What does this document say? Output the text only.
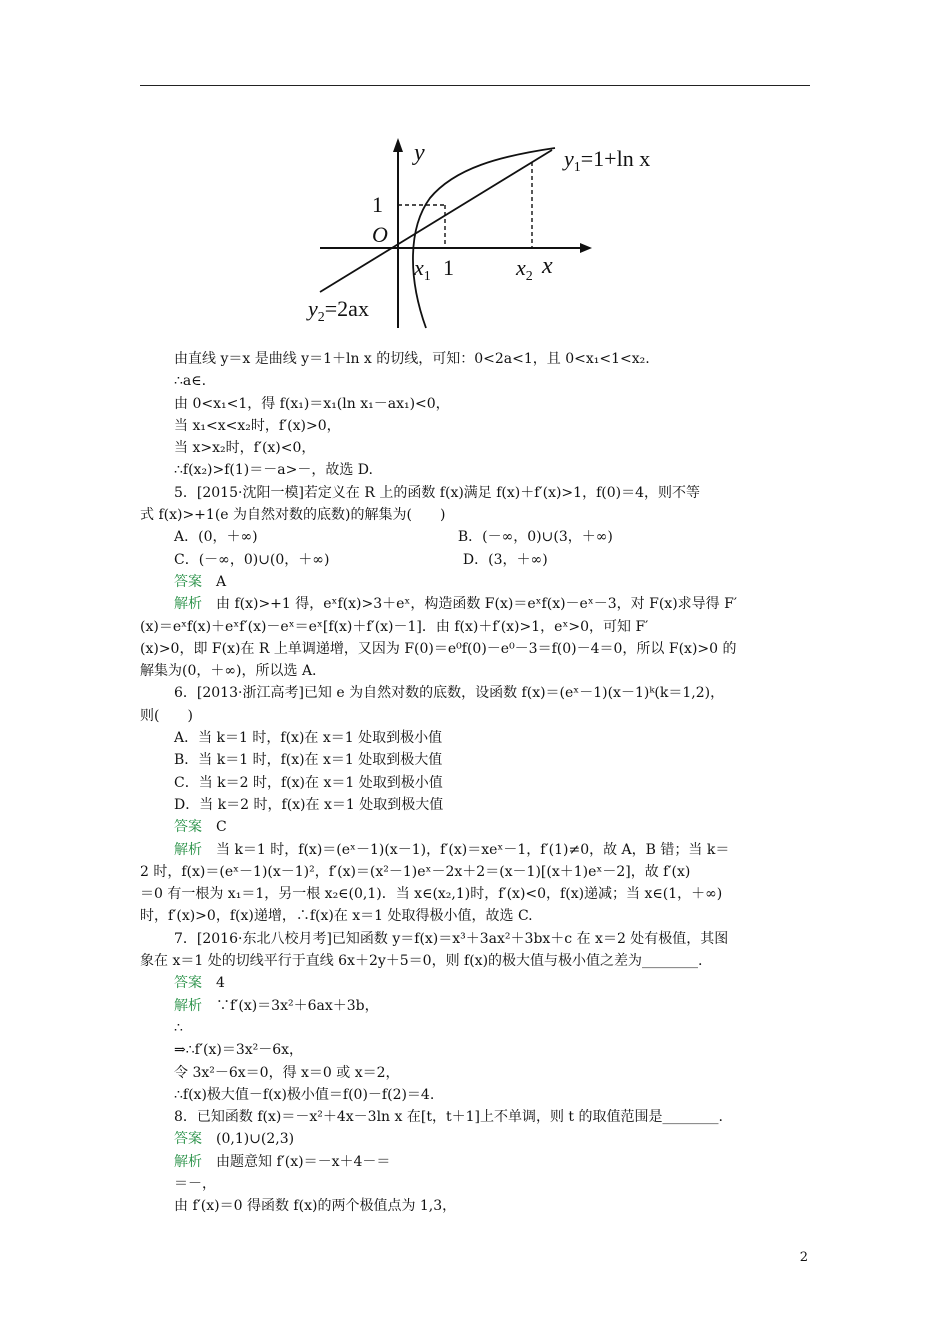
y
1
O
$x_1$ 1	$x_2$ x
$y_1=1+\ln$ x
$y_2=2ax$
由直线 y＝x 是曲线 y＝1＋ln x 的切线，可知：0<2a<1，且 0<x₁<1<x₂.
∴a∈.
由 0<x₁<1，得 f(x₁)＝x₁(ln x₁－ax₁)<0，
当 x₁<x<x₂时，f′(x)>0，
当 x>x₂时，f′(x)<0，
∴f(x₂)>f(1)＝－a>－，故选 D.
5．[2015·沈阳一模]若定义在 R 上的函数 f(x)满足 f(x)＋f′(x)>1，f(0)＝4，则不等
式 f(x)>+1(e 为自然对数的底数)的解集为(　　)
A．(0，＋∞)                                             B．(－∞，0)∪(3，＋∞)
C．(－∞，0)∪(0，＋∞)                              D．(3，＋∞)
答案　A
解析　由 f(x)>+1 得，eˣf(x)>3＋eˣ，构造函数 F(x)＝eˣf(x)－eˣ－3，对 F(x)求导得 F′
(x)＝eˣf(x)＋eˣf′(x)－eˣ＝eˣ[f(x)＋f′(x)－1]．由 f(x)＋f′(x)>1，eˣ>0，可知 F′
(x)>0，即 F(x)在 R 上单调递增，又因为 F(0)＝e⁰f(0)－e⁰－3＝f(0)－4＝0，所以 F(x)>0 的
解集为(0，＋∞)，所以选 A.
6．[2013·浙江高考]已知 e 为自然对数的底数，设函数 f(x)＝(eˣ－1)(x－1)ᵏ(k＝1,2)，
则(　　)
A．当 k＝1 时，f(x)在 x＝1 处取到极小值
B．当 k＝1 时，f(x)在 x＝1 处取到极大值
C．当 k＝2 时，f(x)在 x＝1 处取到极小值
D．当 k＝2 时，f(x)在 x＝1 处取到极大值
答案　C
解析　当 k＝1 时，f(x)＝(eˣ－1)(x－1)，f′(x)＝xeˣ－1，f′(1)≠0，故 A，B 错；当 k＝
2 时，f(x)＝(eˣ－1)(x－1)²，f′(x)＝(x²－1)eˣ－2x＋2＝(x－1)[(x＋1)eˣ－2]，故 f′(x)
＝0 有一根为 x₁＝1，另一根 x₂∈(0,1)．当 x∈(x₂,1)时，f′(x)<0，f(x)递减；当 x∈(1，＋∞)
时，f′(x)>0，f(x)递增，∴f(x)在 x＝1 处取得极小值，故选 C.
7．[2016·东北八校月考]已知函数 y＝f(x)＝x³＋3ax²＋3bx＋c 在 x＝2 处有极值，其图
象在 x＝1 处的切线平行于直线 6x＋2y＋5＝0，则 f(x)的极大值与极小值之差为________.
答案　4
解析　∵f′(x)＝3x²＋6ax＋3b，
∴
⇒∴f′(x)＝3x²－6x，
令 3x²－6x＝0，得 x＝0 或 x＝2，
∴f(x)极大值－f(x)极小值＝f(0)－f(2)＝4.
8．已知函数 f(x)＝－x²＋4x－3ln x 在[t，t＋1]上不单调，则 t 的取值范围是________.
答案　(0,1)∪(2,3)
解析　由题意知 f′(x)＝－x＋4－＝
＝－，
由 f′(x)＝0 得函数 f(x)的两个极值点为 1,3，
2
